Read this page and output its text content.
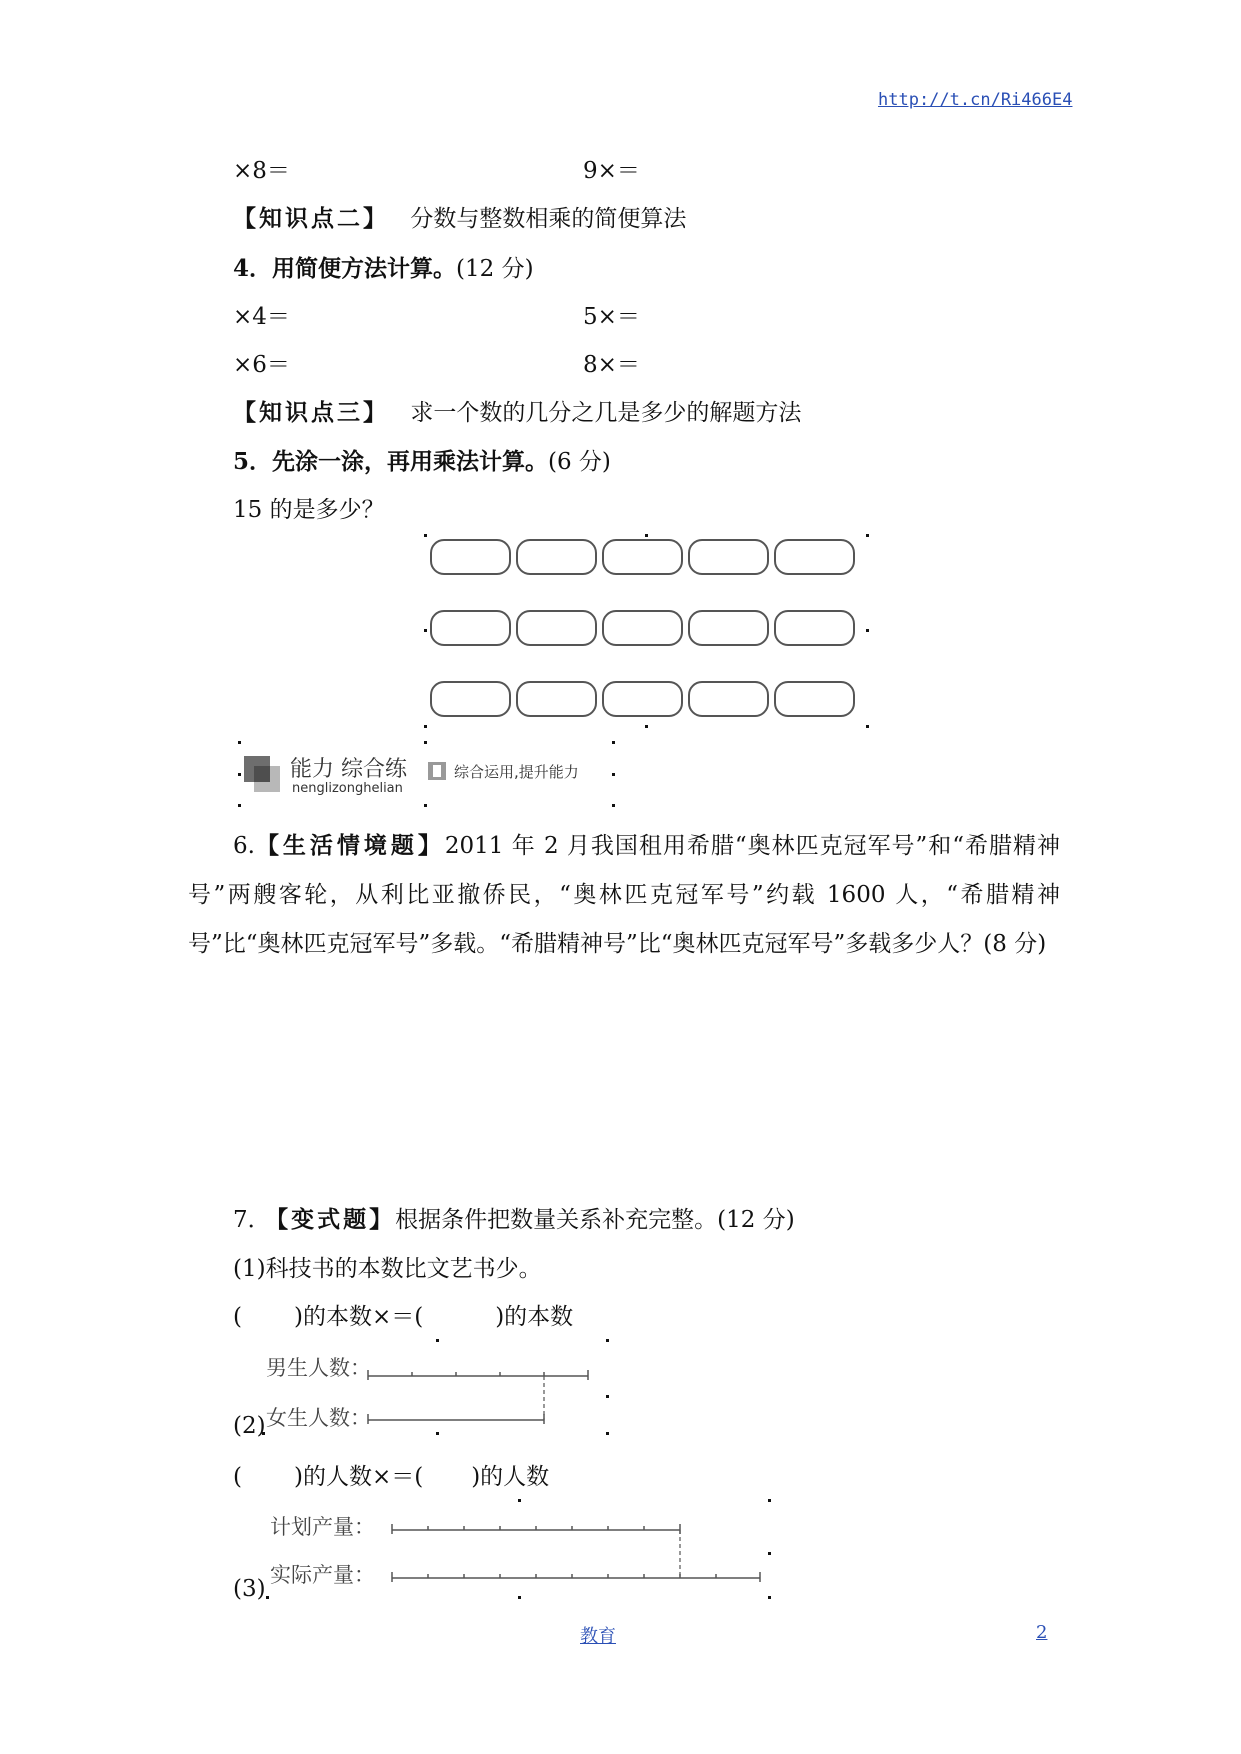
http://t.cn/Ri466E4
×8＝	9×＝
【知识点二】 分数与整数相乘的简便算法
4．用简便方法计算。(12 分)
×4＝	5×＝
×6＝	8×＝
【知识点三】 求一个数的几分之几是多少的解题方法
5．先涂一涂，再用乘法计算。(6 分)
15 的是多少？
能力 综合练
nenglizonghelian
综合运用,提升能力
6.【生活情境题】2011 年 2 月我国租用希腊“奥林匹克冠军号”和“希腊精神号”两艘客轮，从利比亚撤侨民，“奥林匹克冠军号”约载 1600 人，“希腊精神号”比“奥林匹克冠军号”多载。“希腊精神号”比“奥林匹克冠军号”多载多少人？(8 分)
7． 【变式题】根据条件把数量关系补充完整。(12 分)
(1)科技书的本数比文艺书少。
( )的本数×＝(	)的本数
男生人数：
女生人数：
(2)
( )的人数×＝( )的人数
计划产量：
实际产量：
(3)
教育	2
